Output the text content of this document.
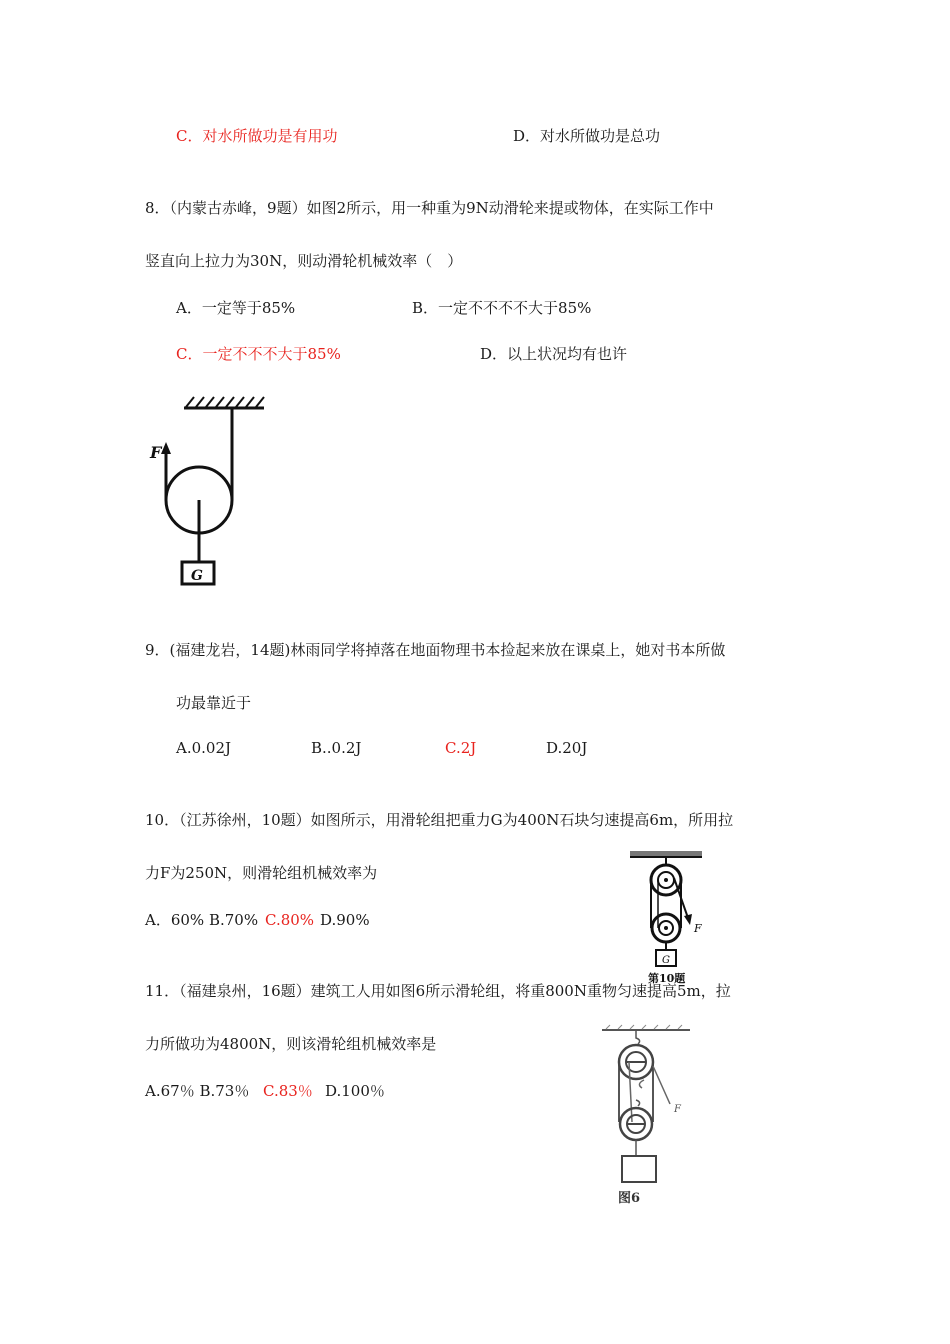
C．对水所做功是有用功	D．对水所做功是总功
8．（内蒙古赤峰，9题）如图2所示，用一种重为9N动滑轮来提或物体，在实际工作中
竖直向上拉力为30N，则动滑轮机械效率（　）
A．一定等于85%	B．一定不不不不大于85%
C．一定不不不大于85%	D．以上状况均有也许
F
G
9．(福建龙岩，14题)林雨同学将掉落在地面物理书本捡起来放在课桌上，她对书本所做
功最靠近于
A.0.02J	B..0.2J	C.2J	D.20J
10．（江苏徐州，10题）如图所示，用滑轮组把重力G为400N石块匀速提高6m，所用拉
力F为250N，则滑轮组机械效率为
A．60% B.70% C.80% D.90%	F
G
第10题
11．（福建泉州，16题）建筑工人用如图6所示滑轮组，将重800N重物匀速提高5m，拉
力所做功为4800N，则该滑轮组机械效率是
A.67％ B.73％ C.83％ D.100％
F
图6
